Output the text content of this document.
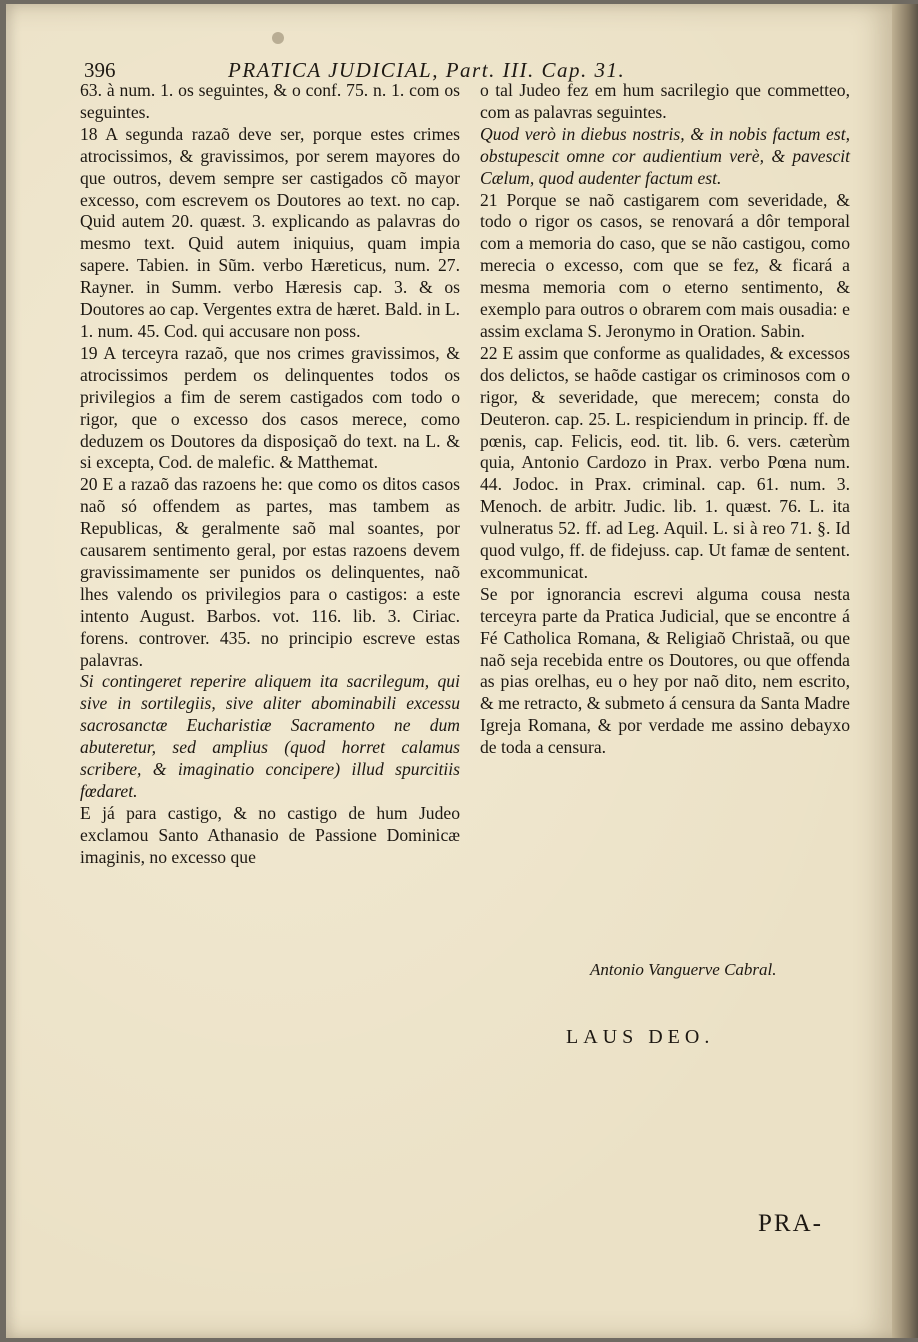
396	PRATICA JUDICIAL, Part. III. Cap. 31.

63. à num. 1. os seguintes, & o conf. 75. n. 1. com os seguintes.

18 A segunda razaõ deve ser, porque estes crimes atrocissimos, & gravissimos, por serem mayores do que outros, devem sempre ser castigados cõ mayor excesso, com escrevem os Doutores ao text. no cap. Quid autem 20. quæst. 3. explicando as palavras do mesmo text. Quid autem iniquius, quam impia sapere. Tabien. in Sũm. verbo Hæreticus, num. 27. Rayner. in Summ. verbo Hæresis cap. 3. & os Doutores ao cap. Vergentes extra de hæret. Bald. in L. 1. num. 45. Cod. qui accusare non poss.

19 A terceyra razaõ, que nos crimes gravissimos, & atrocissimos perdem os delinquentes todos os privilegios a fim de serem castigados com todo o rigor, que o excesso dos casos merece, como deduzem os Doutores da disposiçaõ do text. na L. & si excepta, Cod. de malefic. & Matthemat.

20 E a razaõ das razoens he: que como os ditos casos naõ só offendem as partes, mas tambem as Republicas, & geralmente saõ mal soantes, por causarem sentimento geral, por estas razoens devem gravissimamente ser punidos os delinquentes, naõ lhes valendo os privilegios para o castigos: a este intento August. Barbos. vot. 116. lib. 3. Ciriac. forens. controver. 435. no principio escreve estas palavras.

Si contingeret reperire aliquem ita sacrilegum, qui sive in sortilegiis, sive aliter abominabili excessu sacrosanctæ Eucharistiæ Sacramento ne dum abuteretur, sed amplius (quod horret calamus scribere, & imaginatio concipere) illud spurcitiis fœdaret.

E já para castigo, & no castigo de hum Judeo exclamou Santo Athanasio de Passione Dominicæ imaginis, no excesso que

o tal Judeo fez em hum sacrilegio que commetteo, com as palavras seguintes.

Quod verò in diebus nostris, & in nobis factum est, obstupescit omne cor audientium verè, & pavescit Cælum, quod audenter factum est.

21 Porque se naõ castigarem com severidade, & todo o rigor os casos, se renovará a dôr temporal com a memoria do caso, que se não castigou, como merecia o excesso, com que se fez, & ficará a mesma memoria com o eterno sentimento, & exemplo para outros o obrarem com mais ousadia: e assim exclama S. Jeronymo in Oration. Sabin.

22 E assim que conforme as qualidades, & excessos dos delictos, se haõde castigar os criminosos com o rigor, & severidade, que merecem; consta do Deuteron. cap. 25. L. respiciendum in princip. ff. de pœnis, cap. Felicis, eod. tit. lib. 6. vers. cæterùm quia, Antonio Cardozo in Prax. verbo Pœna num. 44. Jodoc. in Prax. criminal. cap. 61. num. 3. Menoch. de arbitr. Judic. lib. 1. quæst. 76. L. ita vulneratus 52. ff. ad Leg. Aquil. L. si à reo 71. §. Id quod vulgo, ff. de fidejuss. cap. Ut famæ de sentent. excommunicat.

Se por ignorancia escrevi alguma cousa nesta terceyra parte da Pratica Judicial, que se encontre á Fé Catholica Romana, & Religiaõ Christaã, ou que naõ seja recebida entre os Doutores, ou que offenda as pias orelhas, eu o hey por naõ dito, nem escrito, & me retracto, & submeto á censura da Santa Madre Igreja Romana, & por verdade me assino debayxo de toda a censura.

Antonio Vanguerve Cabral.
LAUS DEO.
PRA-
